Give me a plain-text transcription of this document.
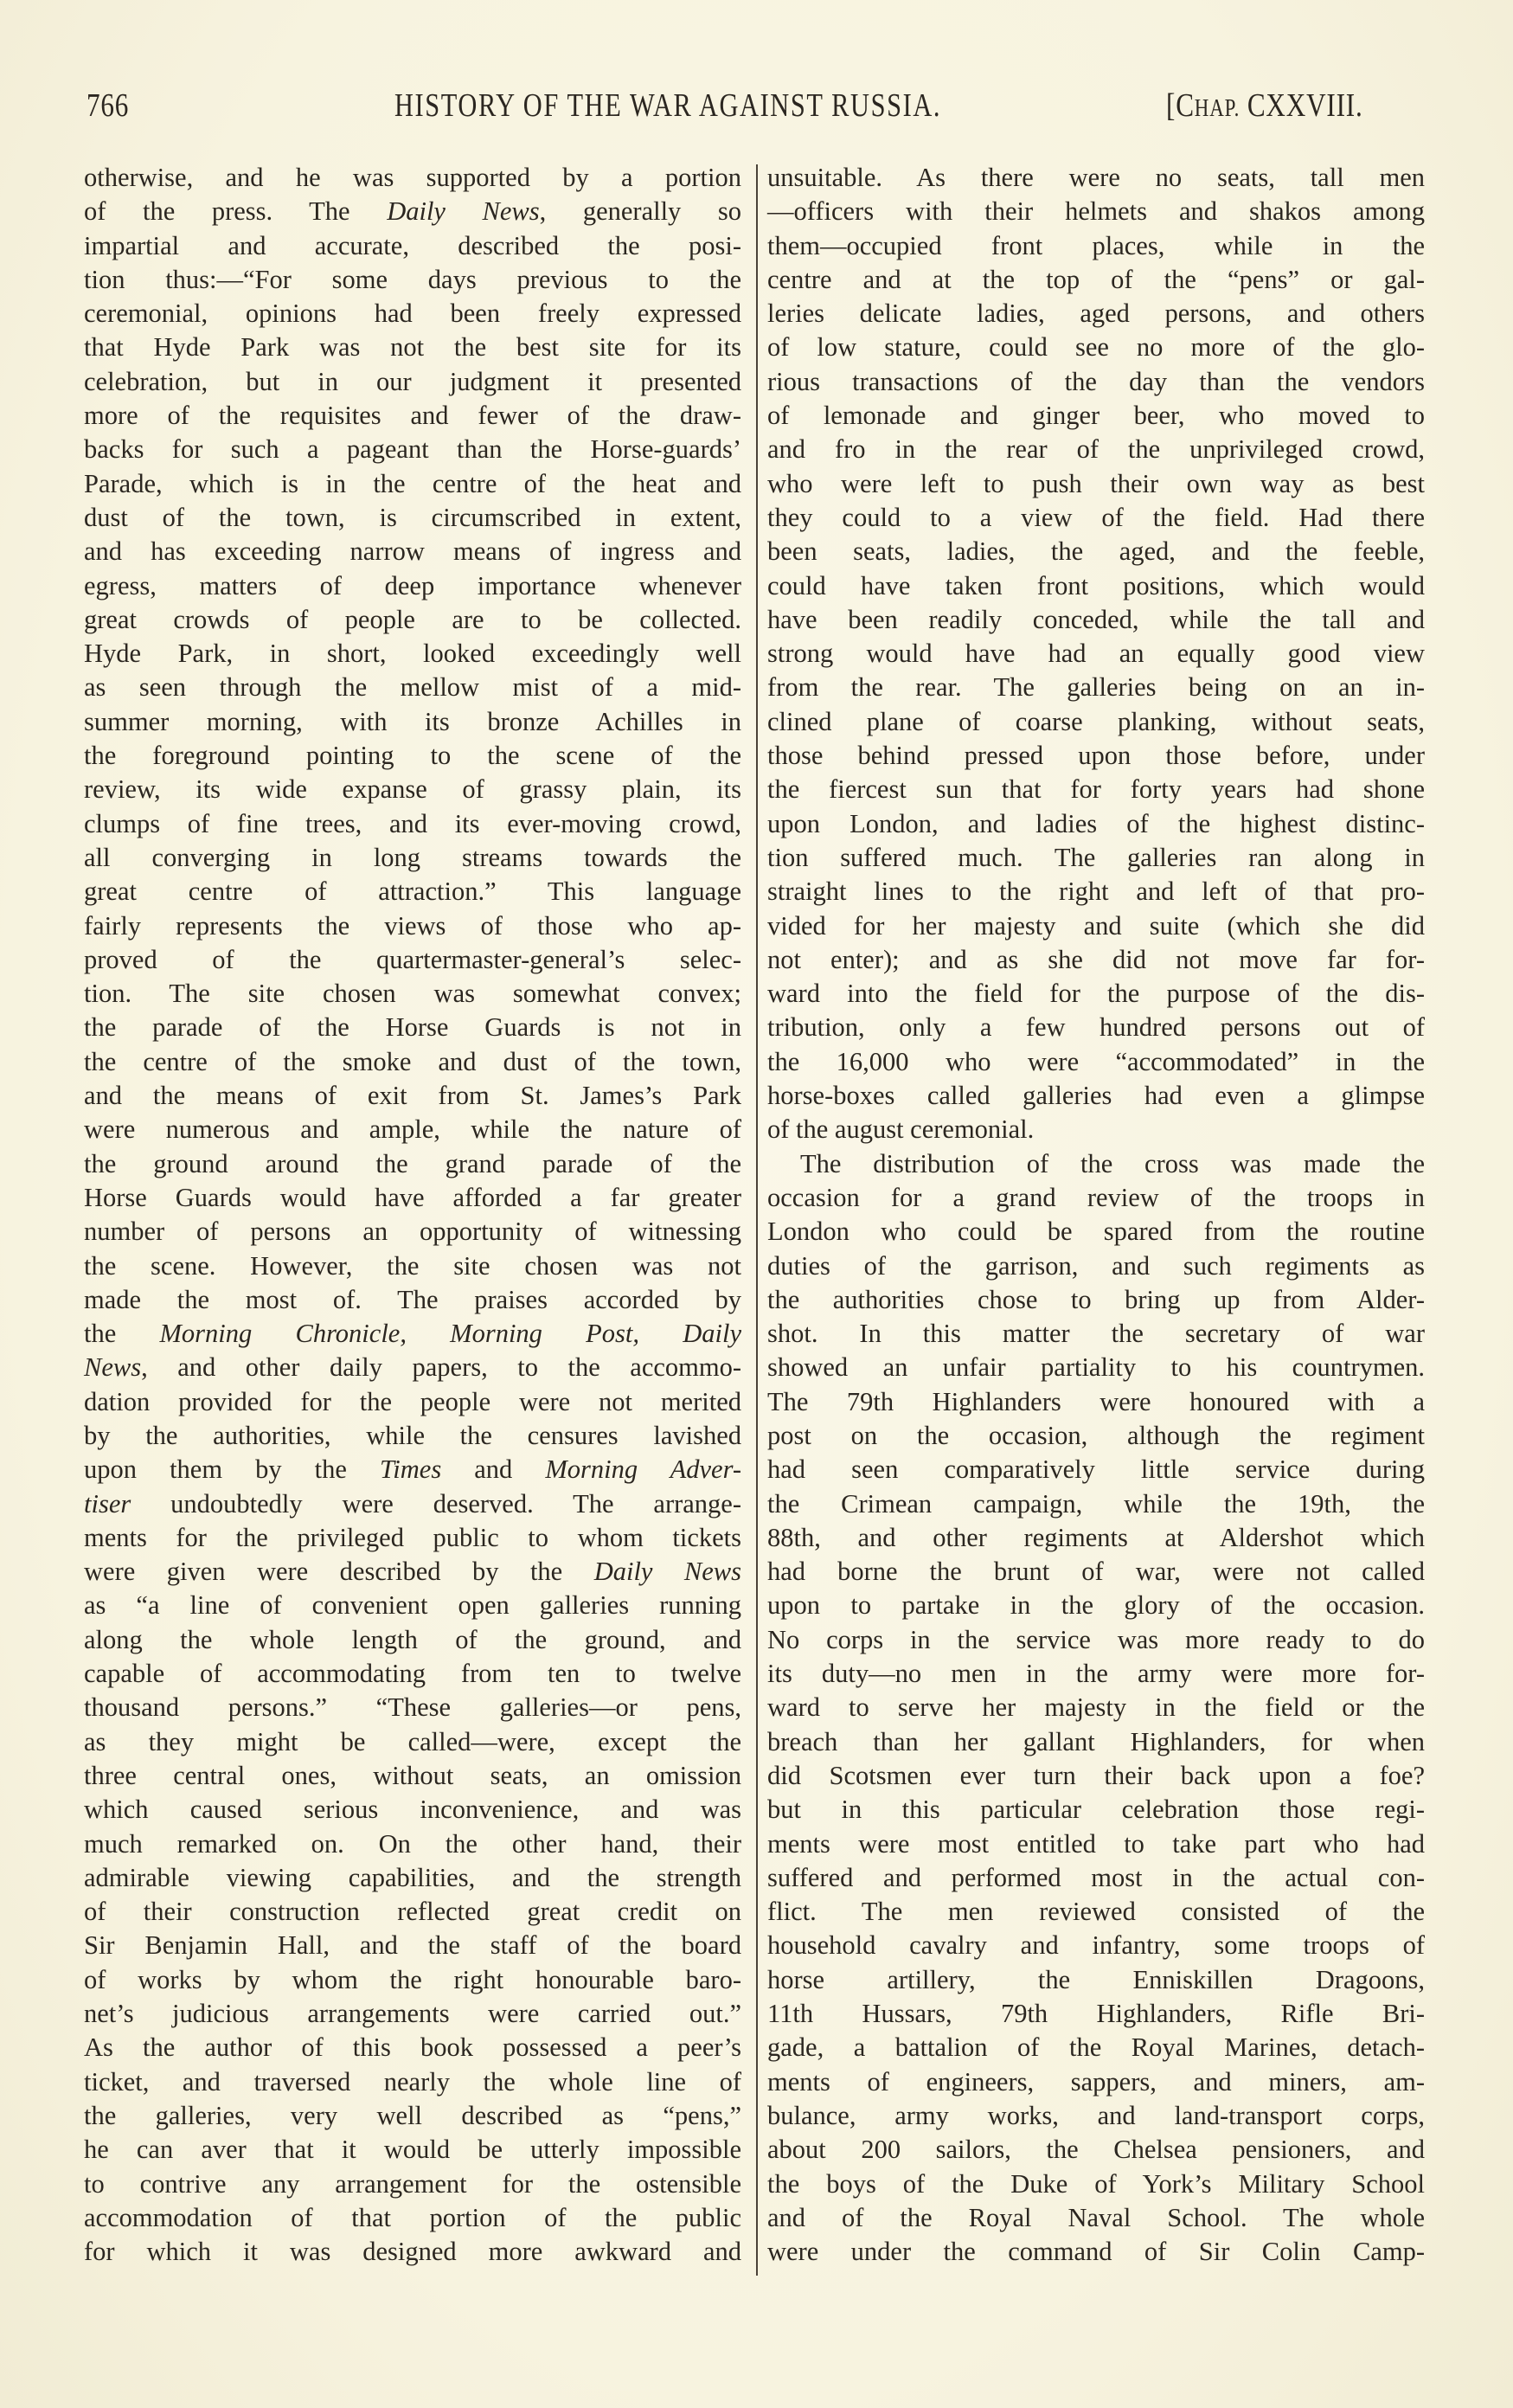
766	HISTORY OF THE WAR AGAINST RUSSIA.	[CHAP. CXXVIII.
otherwise, and he was supported by a portion
of the press. The Daily News, generally so
impartial and accurate, described the posi-
tion thus:—“For some days previous to the
ceremonial, opinions had been freely expressed
that Hyde Park was not the best site for its
celebration, but in our judgment it presented
more of the requisites and fewer of the draw-
backs for such a pageant than the Horse-guards’
Parade, which is in the centre of the heat and
dust of the town, is circumscribed in extent,
and has exceeding narrow means of ingress and
egress, matters of deep importance whenever
great crowds of people are to be collected.
Hyde Park, in short, looked exceedingly well
as seen through the mellow mist of a mid-
summer morning, with its bronze Achilles in
the foreground pointing to the scene of the
review, its wide expanse of grassy plain, its
clumps of fine trees, and its ever-moving crowd,
all converging in long streams towards the
great centre of attraction.” This language
fairly represents the views of those who ap-
proved of the quartermaster-general’s selec-
tion. The site chosen was somewhat convex;
the parade of the Horse Guards is not in
the centre of the smoke and dust of the town,
and the means of exit from St. James’s Park
were numerous and ample, while the nature of
the ground around the grand parade of the
Horse Guards would have afforded a far greater
number of persons an opportunity of witnessing
the scene. However, the site chosen was not
made the most of. The praises accorded by
the Morning Chronicle, Morning Post, Daily
News, and other daily papers, to the accommo-
dation provided for the people were not merited
by the authorities, while the censures lavished
upon them by the Times and Morning Adver-
tiser undoubtedly were deserved. The arrange-
ments for the privileged public to whom tickets
were given were described by the Daily News
as “a line of convenient open galleries running
along the whole length of the ground, and
capable of accommodating from ten to twelve
thousand persons.” “These galleries—or pens,
as they might be called—were, except the
three central ones, without seats, an omission
which caused serious inconvenience, and was
much remarked on. On the other hand, their
admirable viewing capabilities, and the strength
of their construction reflected great credit on
Sir Benjamin Hall, and the staff of the board
of works by whom the right honourable baro-
net’s judicious arrangements were carried out.”
As the author of this book possessed a peer’s
ticket, and traversed nearly the whole line of
the galleries, very well described as “pens,”
he can aver that it would be utterly impossible
to contrive any arrangement for the ostensible
accommodation of that portion of the public
for which it was designed more awkward and
unsuitable. As there were no seats, tall men
—officers with their helmets and shakos among
them—occupied front places, while in the
centre and at the top of the “pens” or gal-
leries delicate ladies, aged persons, and others
of low stature, could see no more of the glo-
rious transactions of the day than the vendors
of lemonade and ginger beer, who moved to
and fro in the rear of the unprivileged crowd,
who were left to push their own way as best
they could to a view of the field. Had there
been seats, ladies, the aged, and the feeble,
could have taken front positions, which would
have been readily conceded, while the tall and
strong would have had an equally good view
from the rear. The galleries being on an in-
clined plane of coarse planking, without seats,
those behind pressed upon those before, under
the fiercest sun that for forty years had shone
upon London, and ladies of the highest distinc-
tion suffered much. The galleries ran along in
straight lines to the right and left of that pro-
vided for her majesty and suite (which she did
not enter); and as she did not move far for-
ward into the field for the purpose of the dis-
tribution, only a few hundred persons out of
the 16,000 who were “accommodated” in the
horse-boxes called galleries had even a glimpse
of the august ceremonial.
The distribution of the cross was made the
occasion for a grand review of the troops in
London who could be spared from the routine
duties of the garrison, and such regiments as
the authorities chose to bring up from Alder-
shot. In this matter the secretary of war
showed an unfair partiality to his countrymen.
The 79th Highlanders were honoured with a
post on the occasion, although the regiment
had seen comparatively little service during
the Crimean campaign, while the 19th, the
88th, and other regiments at Aldershot which
had borne the brunt of war, were not called
upon to partake in the glory of the occasion.
No corps in the service was more ready to do
its duty—no men in the army were more for-
ward to serve her majesty in the field or the
breach than her gallant Highlanders, for when
did Scotsmen ever turn their back upon a foe?
but in this particular celebration those regi-
ments were most entitled to take part who had
suffered and performed most in the actual con-
flict. The men reviewed consisted of the
household cavalry and infantry, some troops of
horse artillery, the Enniskillen Dragoons,
11th Hussars, 79th Highlanders, Rifle Bri-
gade, a battalion of the Royal Marines, detach-
ments of engineers, sappers, and miners, am-
bulance, army works, and land-transport corps,
about 200 sailors, the Chelsea pensioners, and
the boys of the Duke of York’s Military School
and of the Royal Naval School. The whole
were under the command of Sir Colin Camp-
